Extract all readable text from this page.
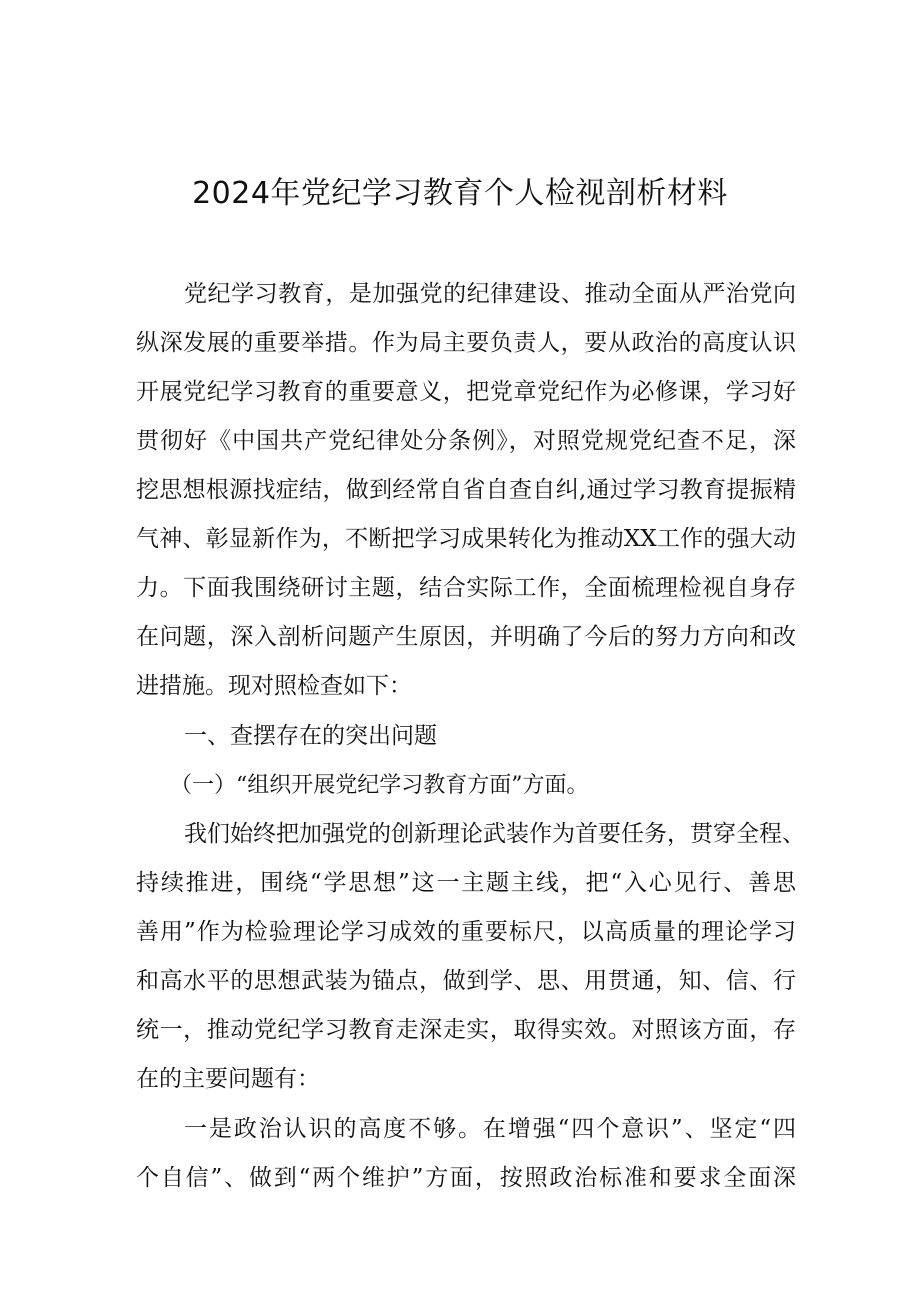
2024年党纪学习教育个人检视剖析材料
党纪学习教育，是加强党的纪律建设、推动全面从严治党向
纵深发展的重要举措。作为局主要负责人，要从政治的高度认识
开展党纪学习教育的重要意义，把党章党纪作为必修课，学习好
贯彻好《中国共产党纪律处分条例》，对照党规党纪查不足，深
挖思想根源找症结，做到经常自省自查自纠,通过学习教育提振精
气神、彰显新作为，不断把学习成果转化为推动XX工作的强大动
力。下面我围绕研讨主题，结合实际工作，全面梳理检视自身存
在问题，深入剖析问题产生原因，并明确了今后的努力方向和改
进措施。现对照检查如下：
一、查摆存在的突出问题
（一）“组织开展党纪学习教育方面”方面。
我们始终把加强党的创新理论武装作为首要任务，贯穿全程、
持续推进，围绕“学思想”这一主题主线，把“入心见行、善思
善用”作为检验理论学习成效的重要标尺，以高质量的理论学习
和高水平的思想武装为锚点，做到学、思、用贯通，知、信、行
统一，推动党纪学习教育走深走实，取得实效。对照该方面，存
在的主要问题有：
一是政治认识的高度不够。在增强“四个意识”、坚定“四
个自信”、做到“两个维护”方面，按照政治标准和要求全面深
